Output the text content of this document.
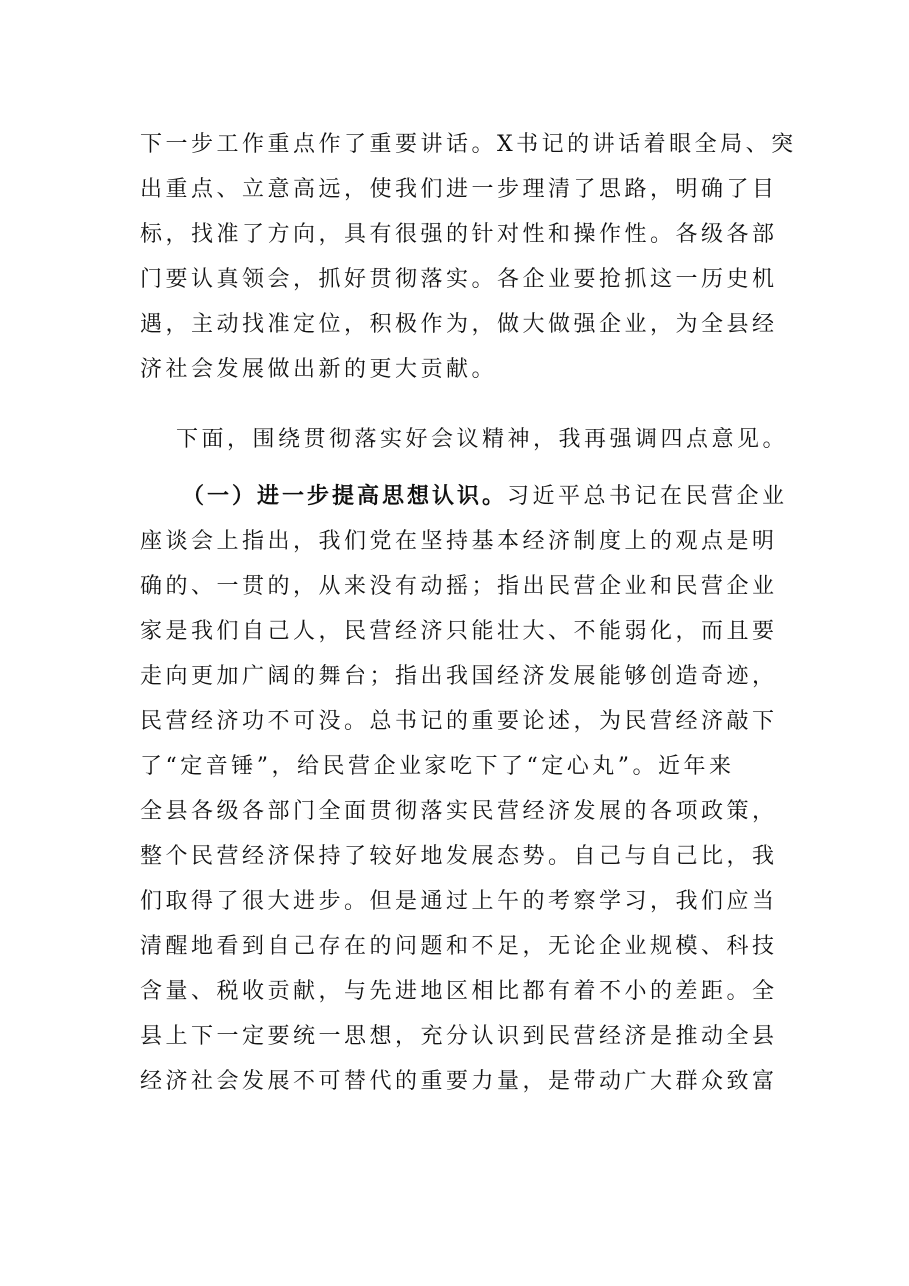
下一步工作重点作了重要讲话。X书记的讲话着眼全局、突
出重点、立意高远，使我们进一步理清了思路，明确了目
标，找准了方向，具有很强的针对性和操作性。各级各部
门要认真领会，抓好贯彻落实。各企业要抢抓这一历史机
遇，主动找准定位，积极作为，做大做强企业，为全县经
济社会发展做出新的更大贡献。
下面，围绕贯彻落实好会议精神，我再强调四点意见。
（一）进一步提高思想认识。习近平总书记在民营企业
座谈会上指出，我们党在坚持基本经济制度上的观点是明
确的、一贯的，从来没有动摇；指出民营企业和民营企业
家是我们自己人，民营经济只能壮大、不能弱化，而且要
走向更加广阔的舞台；指出我国经济发展能够创造奇迹，
民营经济功不可没。总书记的重要论述，为民营经济敲下
了“定音锤”，给民营企业家吃下了“定心丸”。近年来
全县各级各部门全面贯彻落实民营经济发展的各项政策，
整个民营经济保持了较好地发展态势。自己与自己比，我
们取得了很大进步。但是通过上午的考察学习，我们应当
清醒地看到自己存在的问题和不足，无论企业规模、科技
含量、税收贡献，与先进地区相比都有着不小的差距。全
县上下一定要统一思想，充分认识到民营经济是推动全县
经济社会发展不可替代的重要力量，是带动广大群众致富
